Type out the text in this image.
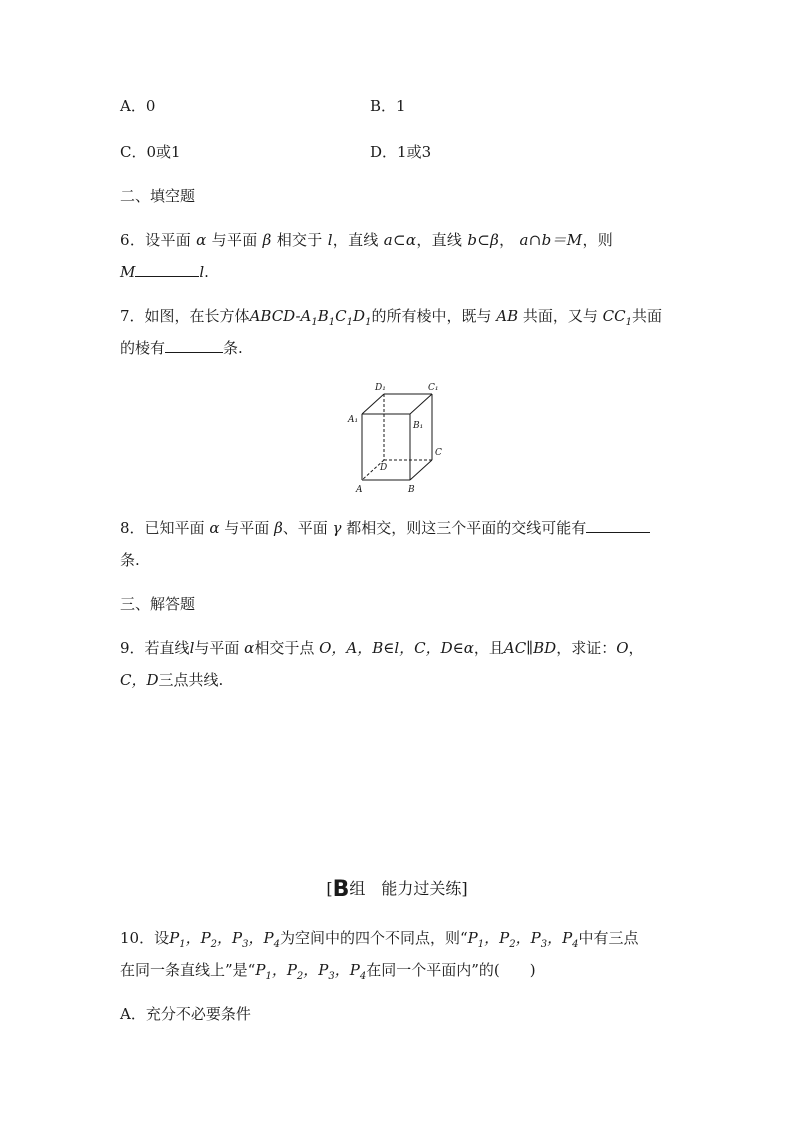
A．0	B．1
C．0或1	D．1或3
二、填空题
6．设平面 α 与平面 β 相交于 l，直线 a⊂α，直线 b⊂β， a∩b＝M，则
M	l.
7．如图，在长方体ABCD-$A_1B_1C_1D_1$的所有棱中，既与 AB 共面，又与 $CC_1$共面
的棱有	条.
D₁	C₁
A₁
B₁
D
C
A	B
8．已知平面 α 与平面 β、平面 γ 都相交，则这三个平面的交线可能有
条.
三、解答题
9．若直线l与平面 α相交于点 O，A，B∈l，C，D∈α，且AC∥BD，求证：O，
C，D三点共线.
[B组　能力过关练]
10．设$P_1$，$P_2$，$P_3$，$P_4$为空间中的四个不同点，则“$P_1$，$P_2$，$P_3$，$P_4$中有三点
在同一条直线上”是“$P_1$，$P_2$，$P_3$，$P_4$在同一个平面内”的(　　)
A．充分不必要条件
